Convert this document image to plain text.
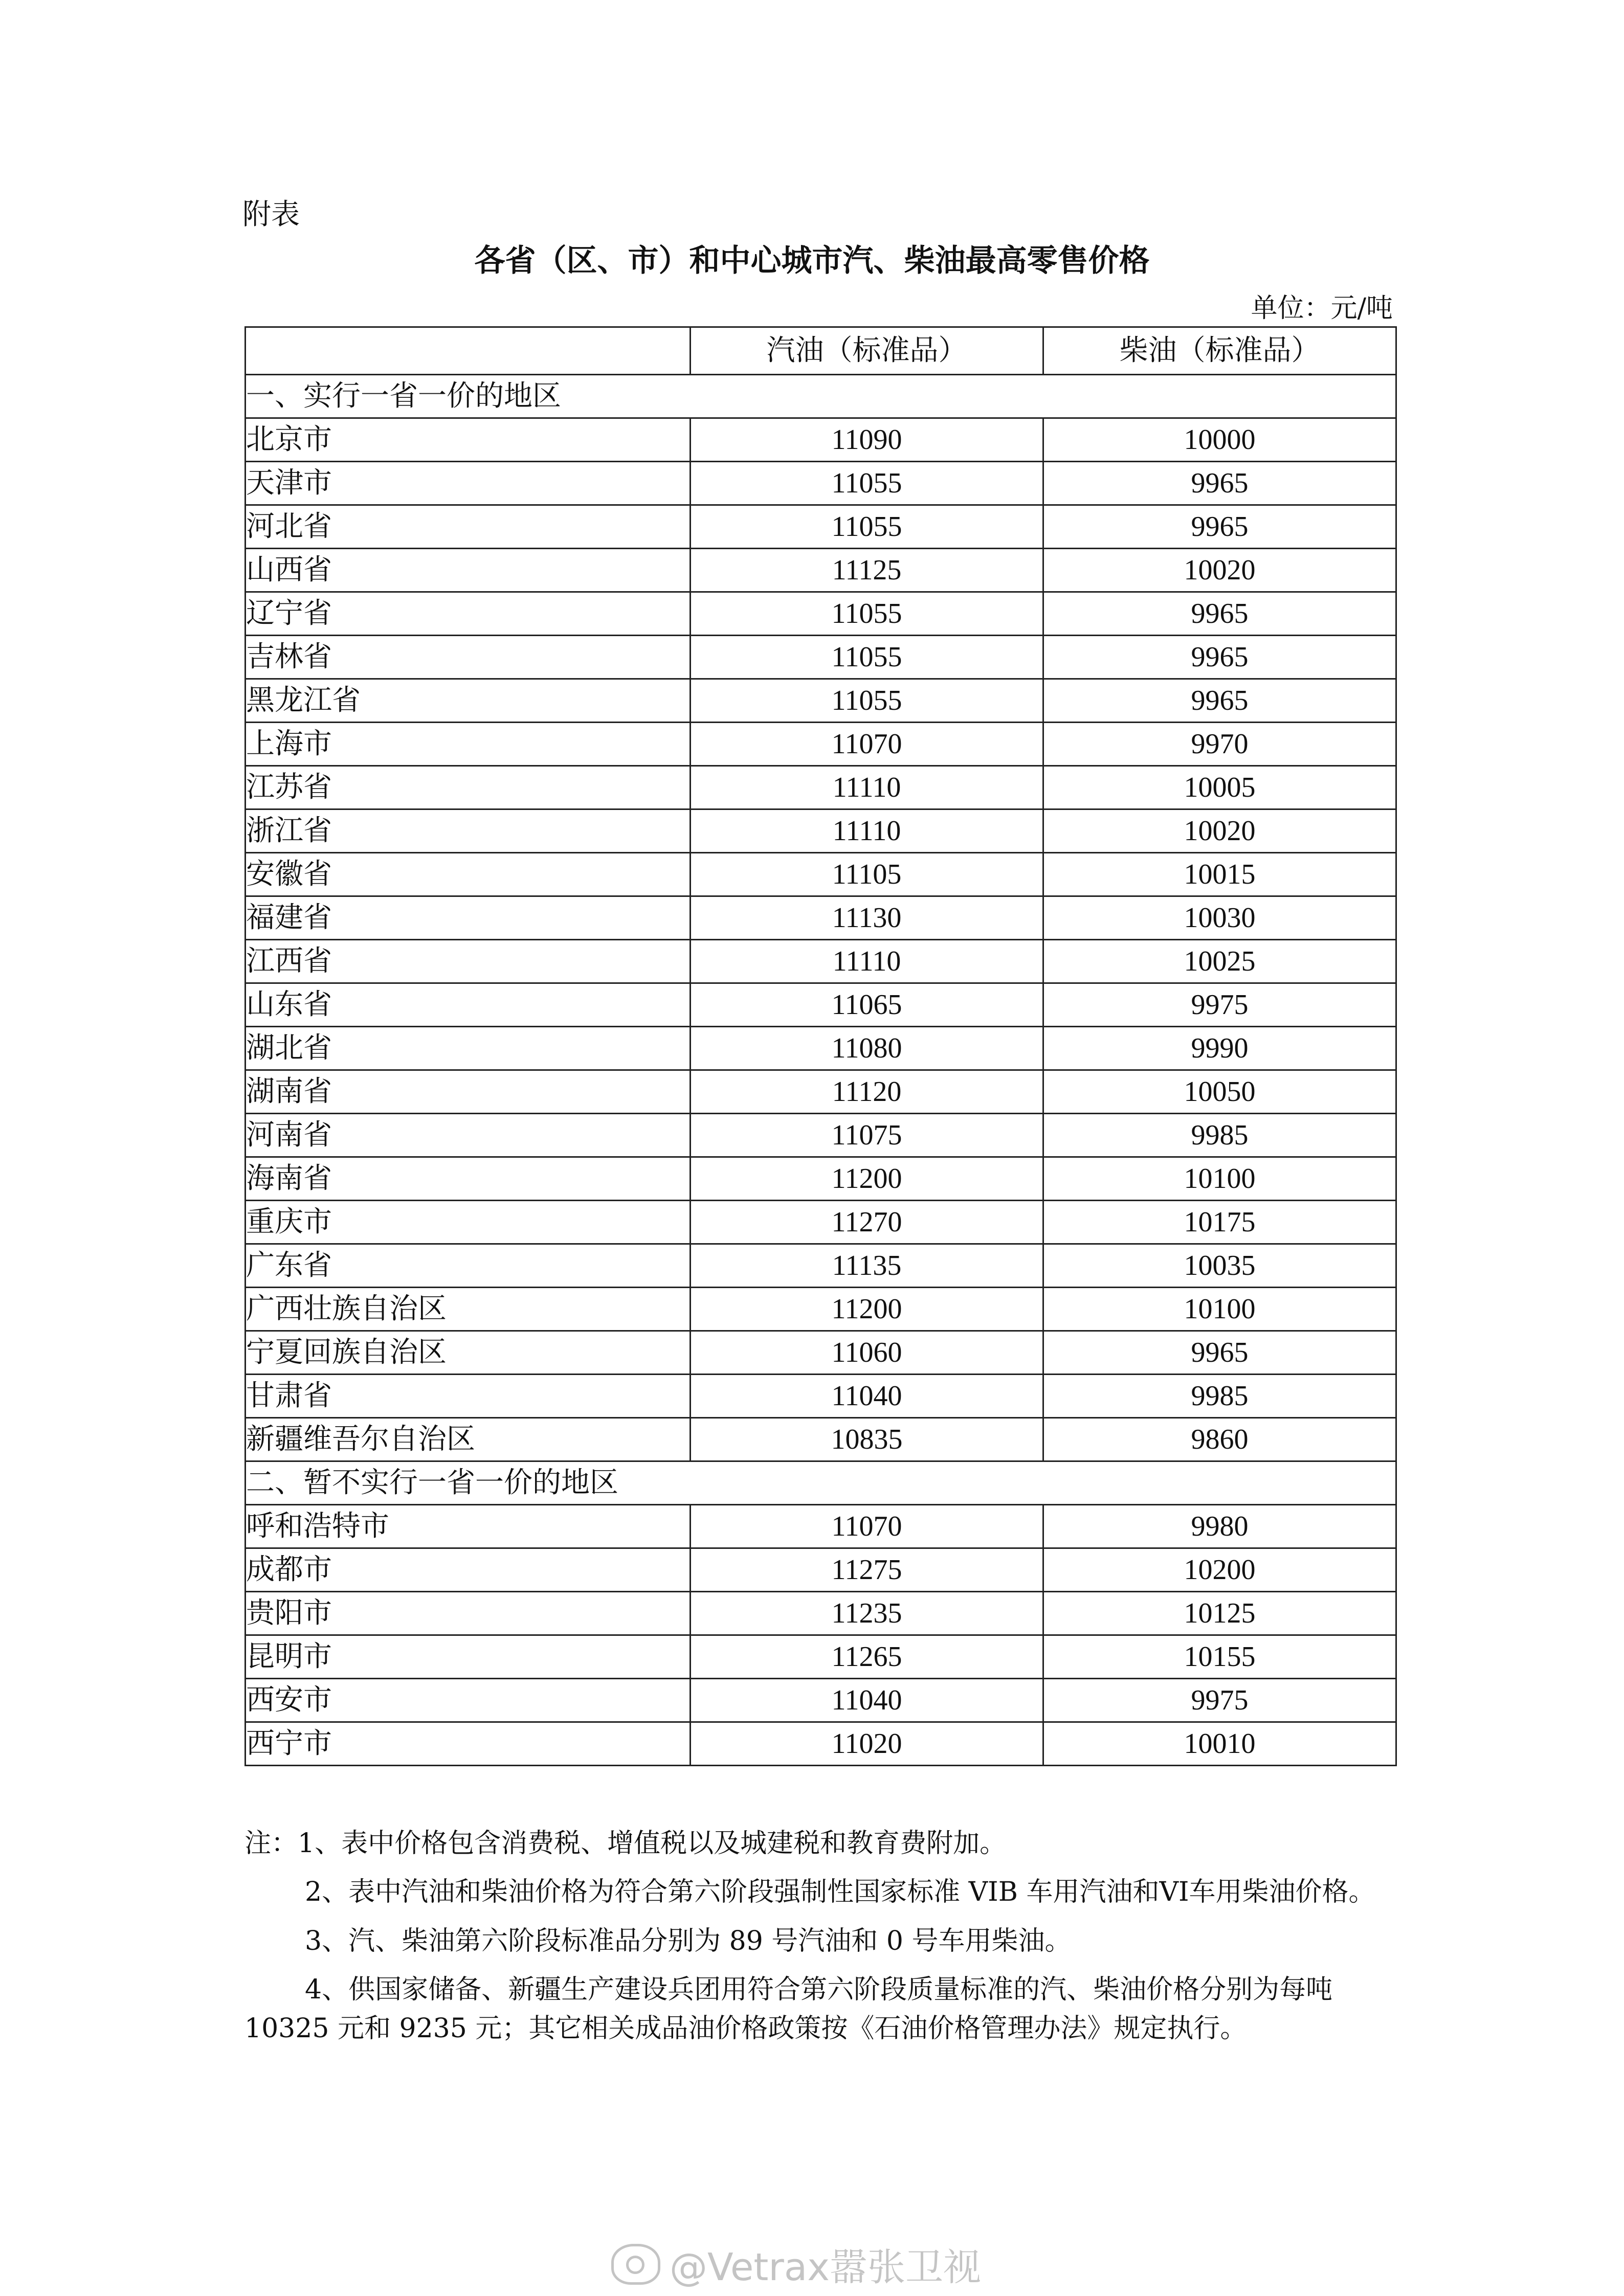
附表
各省（区、市）和中心城市汽、柴油最高零售价格
单位：元/吨
	汽油（标准品）	柴油（标准品）
一、实行一省一价的地区		
北京市	11090	10000
天津市	11055	9965
河北省	11055	9965
山西省	11125	10020
辽宁省	11055	9965
吉林省	11055	9965
黑龙江省	11055	9965
上海市	11070	9970
江苏省	11110	10005
浙江省	11110	10020
安徽省	11105	10015
福建省	11130	10030
江西省	11110	10025
山东省	11065	9975
湖北省	11080	9990
湖南省	11120	10050
河南省	11075	9985
海南省	11200	10100
重庆市	11270	10175
广东省	11135	10035
广西壮族自治区	11200	10100
宁夏回族自治区	11060	9965
甘肃省	11040	9985
新疆维吾尔自治区	10835	9860
二、暂不实行一省一价的地区		
呼和浩特市	11070	9980
成都市	11275	10200
贵阳市	11235	10125
昆明市	11265	10155
西安市	11040	9975
西宁市	11020	10010

注：1、表中价格包含消费税、增值税以及城建税和教育费附加。

2、表中汽油和柴油价格为符合第六阶段强制性国家标准 VIB 车用汽油和VI车用柴油价格。

3、汽、柴油第六阶段标准品分别为 89 号汽油和 0 号车用柴油。

4、供国家储备、新疆生产建设兵团用符合第六阶段质量标准的汽、柴油价格分别为每吨 10325 元和 9235 元；其它相关成品油价格政策按《石油价格管理办法》规定执行。

@Vetrax嚣张卫视
